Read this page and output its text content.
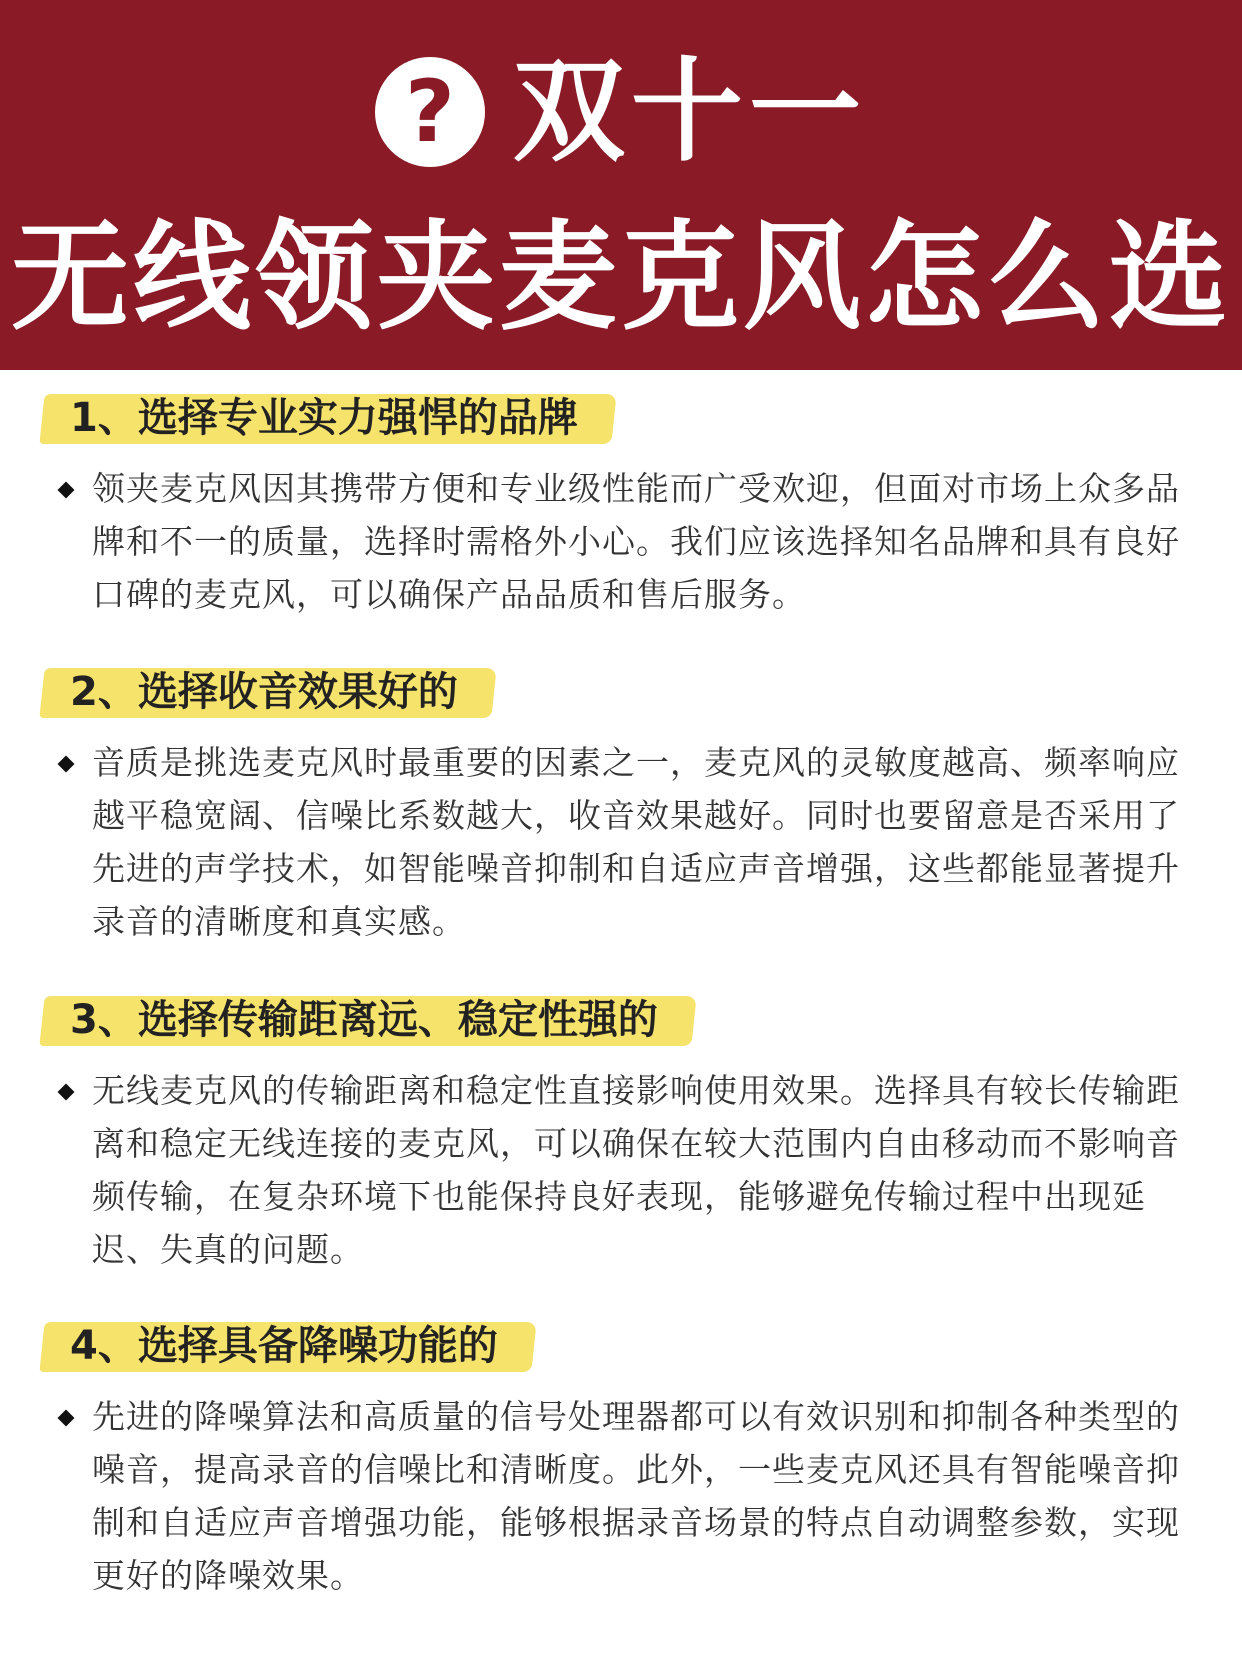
? 双十一
无线领夹麦克风怎么选
1、选择专业实力强悍的品牌
领夹麦克风因其携带方便和专业级性能而广受欢迎，但面对市场上众多品牌和不一的质量，选择时需格外小心。我们应该选择知名品牌和具有良好口碑的麦克风，可以确保产品品质和售后服务。
2、选择收音效果好的
音质是挑选麦克风时最重要的因素之一，麦克风的灵敏度越高、频率响应越平稳宽阔、信噪比系数越大，收音效果越好。同时也要留意是否采用了先进的声学技术，如智能噪音抑制和自适应声音增强，这些都能显著提升录音的清晰度和真实感。
3、选择传输距离远、稳定性强的
无线麦克风的传输距离和稳定性直接影响使用效果。选择具有较长传输距离和稳定无线连接的麦克风，可以确保在较大范围内自由移动而不影响音频传输，在复杂环境下也能保持良好表现，能够避免传输过程中出现延迟、失真的问题。
4、选择具备降噪功能的
先进的降噪算法和高质量的信号处理器都可以有效识别和抑制各种类型的噪音，提高录音的信噪比和清晰度。此外，一些麦克风还具有智能噪音抑制和自适应声音增强功能，能够根据录音场景的特点自动调整参数，实现更好的降噪效果。
